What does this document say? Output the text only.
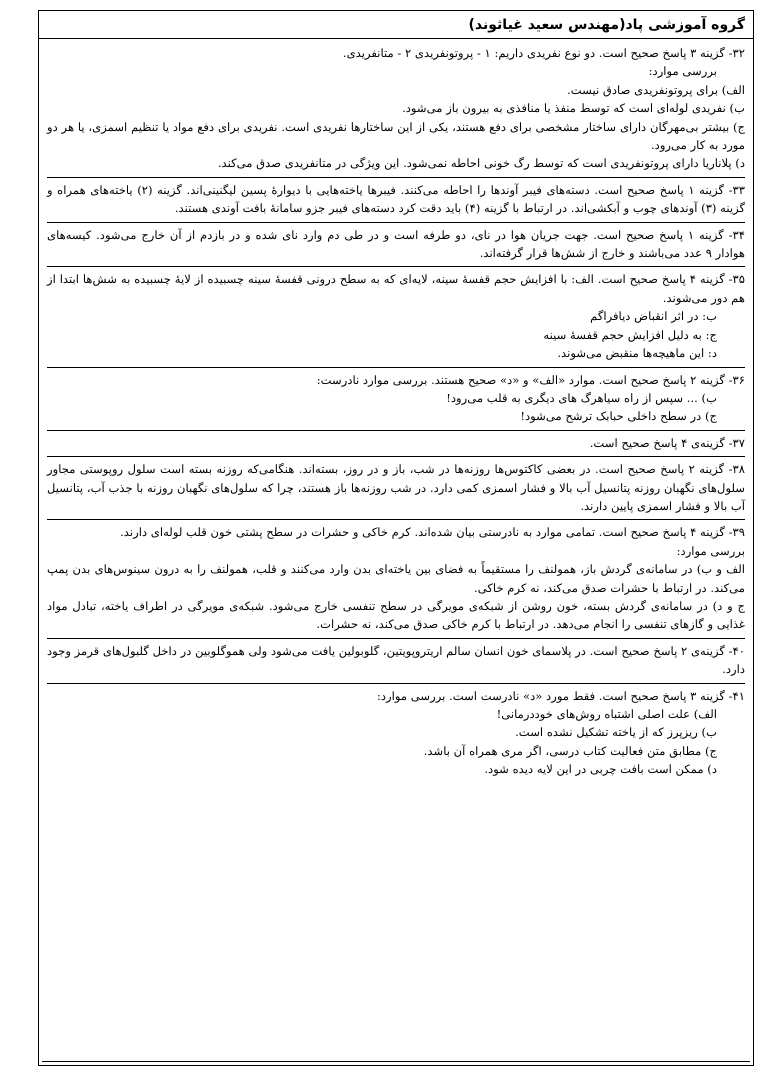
گروه آموزشی پاد(مهندس سعید غیاثوند)

۳۲- گزینه ۳ پاسخ صحیح است. دو نوع نفریدی داریم: ۱ - پروتونفریدی ۲ - متانفریدی.

بررسی موارد:

الف) برای پروتونفریدی صادق نیست.

ب) نفریدی لوله‌ای است که توسط منفذ یا منافذی به بیرون باز می‌شود.

ج) بیشتر بی‌مهرگان دارای ساختار مشخصی برای دفع هستند، یکی از این ساختارها نفریدی است. نفریدی برای دفع مواد یا تنظیم اسمزی، یا هر دو مورد به کار می‌رود.

د) پلاناریا دارای پروتونفریدی است که توسط رگ خونی احاطه نمی‌شود. این ویژگی در متانفریدی صدق می‌کند.

۳۳- گزینه ۱ پاسخ صحیح است. دسته‌های فیبر آوندها را احاطه می‌کنند. فیبرها یاخته‌هایی با دیوارهٔ پسین لیگنینی‌اند. گزینه (۲) یاخته‌های همراه و گزینه (۳) آوندهای چوب و آبکشی‌اند. در ارتباط با گزینه (۴) باید دقت کرد دسته‌های فیبر جزو سامانهٔ بافت آوندی هستند.

۳۴- گزینه ۱ پاسخ صحیح است. جهت جریان هوا در نای، دو طرفه است و در طی دم وارد نای شده و در بازدم از آن خارج می‌شود. کیسه‌های هوادار ۹ عدد می‌باشند و خارج از شش‌ها قرار گرفته‌اند.

۳۵- گزینه ۴ پاسخ صحیح است. الف: با افزایش حجم قفسهٔ سینه، لایه‌ای که به سطح درونی قفسهٔ سینه چسبیده از لایهٔ چسبیده به شش‌ها ابتدا از هم دور می‌شوند.

ب: در اثر انقباض دیافراگم

ج: به دلیل افزایش حجم قفسهٔ سینه

د: این ماهیچه‌ها منقبض می‌شوند.

۳۶- گزینه ۲ پاسخ صحیح است. موارد «الف» و «د» صحیح هستند. بررسی موارد نادرست:

ب) ... سپس از راه سیاهرگ های دیگری به قلب می‌رود!

ج) در سطح داخلی حبابک ترشح می‌شود!

۳۷- گزینه‌ی ۴ پاسخ صحیح است.

۳۸- گزینه ۲ پاسخ صحیح است. در بعضی کاکتوس‌ها روزنه‌ها در شب، باز و در روز، بسته‌اند. هنگامی‌که روزنه بسته است سلول روپوستی مجاور سلول‌های نگهبان روزنه پتانسیل آب بالا و فشار اسمزی کمی دارد. در شب روزنه‌ها باز هستند، چرا که سلول‌های نگهبان روزنه با جذب آب، پتانسیل آب بالا و فشار اسمزی پایین دارند.

۳۹- گزینه ۴ پاسخ صحیح است. تمامی موارد به نادرستی بیان شده‌اند. کرم خاکی و حشرات در سطح پشتی خون قلب لوله‌ای دارند.

بررسی موارد:

الف و ب) در سامانه‌ی گردش باز، همولنف را مستقیماً به فضای بین یاخته‌ای بدن وارد می‌کنند و قلب، همولنف را به درون سینوس‌های بدن پمپ می‌کند. در ارتباط با حشرات صدق می‌کند، نه کرم خاکی.

ج و د) در سامانه‌ی گردش بسته، خون روشن از شبکه‌ی مویرگی در سطح تنفسی خارج می‌شود. شبکه‌ی مویرگی در اطراف یاخته، تبادل مواد غذایی و گازهای تنفسی را انجام می‌دهد. در ارتباط با کرم خاکی صدق می‌کند، نه حشرات.

۴۰- گزینه‌ی ۲ پاسخ صحیح است. در پلاسمای خون انسان سالم اریتروپویتین، گلوبولین یافت می‌شود ولی هموگلوبین در داخل گلبول‌های قرمز وجود دارد.

۴۱- گزینه ۳ پاسخ صحیح است. فقط مورد «د» نادرست است. بررسی موارد:

الف) علت اصلی اشتباه روش‌های خوددرمانی!

ب) ریزپرز که از یاخته تشکیل نشده است.

ج) مطابق متن فعالیت کتاب درسی، اگر مری همراه آن باشد.

د) ممکن است بافت چربی در این لایه دیده شود.
